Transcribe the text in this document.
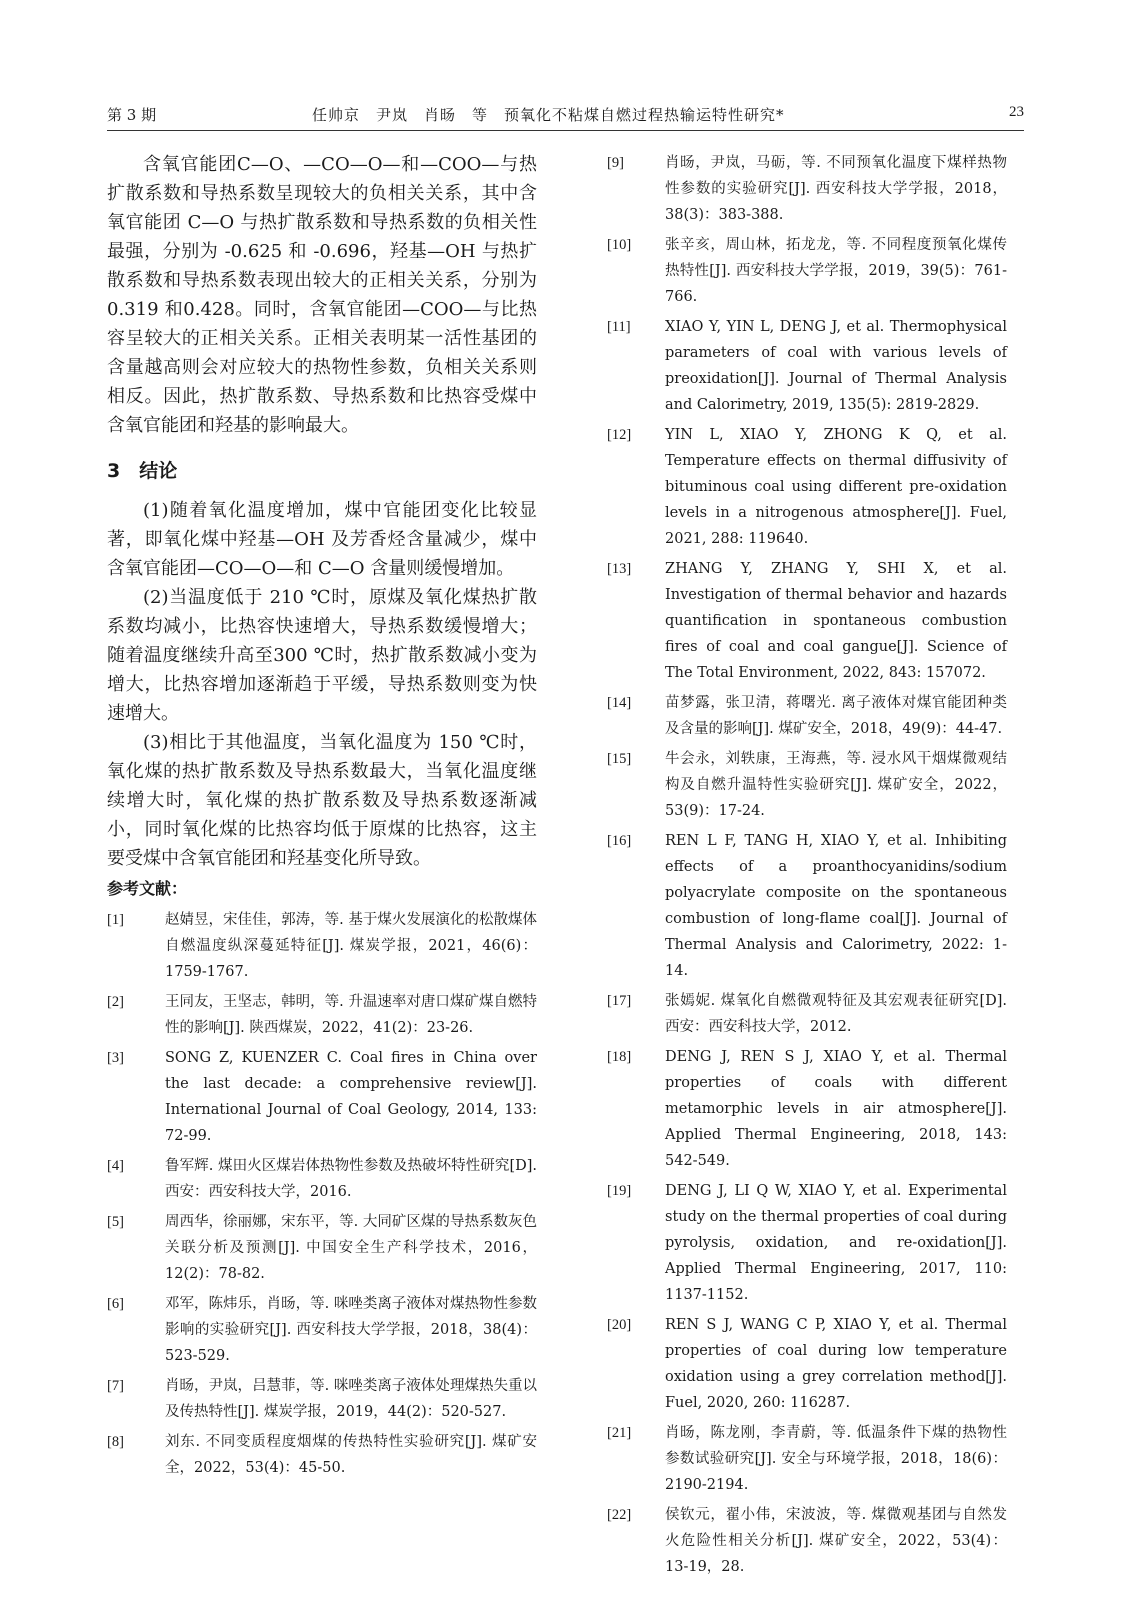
第 3 期	任帅京　尹岚　肖旸　等　预氧化不粘煤自燃过程热输运特性研究*	23

含氧官能团C—O、—CO—O—和—COO—与热扩散系数和导热系数呈现较大的负相关关系，其中含氧官能团 C—O 与热扩散系数和导热系数的负相关性最强，分别为 -0.625 和 -0.696，羟基—OH 与热扩散系数和导热系数表现出较大的正相关关系，分别为0.319 和0.428。同时，含氧官能团—COO—与比热容呈较大的正相关关系。正相关表明某一活性基团的含量越高则会对应较大的热物性参数，负相关关系则相反。因此，热扩散系数、导热系数和比热容受煤中含氧官能团和羟基的影响最大。

3　结论

(1)随着氧化温度增加，煤中官能团变化比较显著，即氧化煤中羟基—OH 及芳香烃含量减少，煤中含氧官能团—CO—O—和 C—O 含量则缓慢增加。

(2)当温度低于 210 ℃时，原煤及氧化煤热扩散系数均减小，比热容快速增大，导热系数缓慢增大；随着温度继续升高至300 ℃时，热扩散系数减小变为增大，比热容增加逐渐趋于平缓，导热系数则变为快速增大。

(3)相比于其他温度，当氧化温度为 150 ℃时，氧化煤的热扩散系数及导热系数最大，当氧化温度继续增大时，氧化煤的热扩散系数及导热系数逐渐减小，同时氧化煤的比热容均低于原煤的比热容，这主要受煤中含氧官能团和羟基变化所导致。

参考文献：
[1]	赵婧昱，宋佳佳，郭涛，等. 基于煤火发展演化的松散煤体自燃温度纵深蔓延特征[J]. 煤炭学报，2021，46(6)：1759-1767.
[2]	王同友，王坚志，韩明，等. 升温速率对唐口煤矿煤自燃特性的影响[J]. 陕西煤炭，2022，41(2)：23-26.
[3]	SONG Z, KUENZER C. Coal fires in China over the last decade: a comprehensive review[J]. International Journal of Coal Geology, 2014, 133: 72-99.
[4]	鲁军辉. 煤田火区煤岩体热物性参数及热破坏特性研究[D]. 西安：西安科技大学，2016.
[5]	周西华，徐丽娜，宋东平，等. 大同矿区煤的导热系数灰色关联分析及预测[J]. 中国安全生产科学技术，2016，12(2)：78-82.
[6]	邓军，陈炜乐，肖旸，等. 咪唑类离子液体对煤热物性参数影响的实验研究[J]. 西安科技大学学报，2018，38(4)：523-529.
[7]	肖旸，尹岚，吕慧菲，等. 咪唑类离子液体处理煤热失重以及传热特性[J]. 煤炭学报，2019，44(2)：520-527.
[8]	刘东. 不同变质程度烟煤的传热特性实验研究[J]. 煤矿安全，2022，53(4)：45-50.
[9]	肖旸，尹岚，马砺，等. 不同预氧化温度下煤样热物性参数的实验研究[J]. 西安科技大学学报，2018，38(3)：383-388.
[10]	张辛亥，周山林，拓龙龙，等. 不同程度预氧化煤传热特性[J]. 西安科技大学学报，2019，39(5)：761-766.
[11]	XIAO Y, YIN L, DENG J, et al. Thermophysical parameters of coal with various levels of preoxidation[J]. Journal of Thermal Analysis and Calorimetry, 2019, 135(5): 2819-2829.
[12]	YIN L, XIAO Y, ZHONG K Q, et al. Temperature effects on thermal diffusivity of bituminous coal using different pre-oxidation levels in a nitrogenous atmosphere[J]. Fuel, 2021, 288: 119640.
[13]	ZHANG Y, ZHANG Y, SHI X, et al. Investigation of thermal behavior and hazards quantification in spontaneous combustion fires of coal and coal gangue[J]. Science of The Total Environment, 2022, 843: 157072.
[14]	苗梦露，张卫清，蒋曙光. 离子液体对煤官能团种类及含量的影响[J]. 煤矿安全，2018，49(9)：44-47.
[15]	牛会永，刘轶康，王海燕，等. 浸水风干烟煤微观结构及自燃升温特性实验研究[J]. 煤矿安全，2022，53(9)：17-24.
[16]	REN L F, TANG H, XIAO Y, et al. Inhibiting effects of a proanthocyanidins/sodium polyacrylate composite on the spontaneous combustion of long-flame coal[J]. Journal of Thermal Analysis and Calorimetry, 2022: 1-14.
[17]	张嫣妮. 煤氧化自燃微观特征及其宏观表征研究[D]. 西安：西安科技大学，2012.
[18]	DENG J, REN S J, XIAO Y, et al. Thermal properties of coals with different metamorphic levels in air atmosphere[J]. Applied Thermal Engineering, 2018, 143: 542-549.
[19]	DENG J, LI Q W, XIAO Y, et al. Experimental study on the thermal properties of coal during pyrolysis, oxidation, and re-oxidation[J]. Applied Thermal Engineering, 2017, 110: 1137-1152.
[20]	REN S J, WANG C P, XIAO Y, et al. Thermal properties of coal during low temperature oxidation using a grey correlation method[J]. Fuel, 2020, 260: 116287.
[21]	肖旸，陈龙刚，李青蔚，等. 低温条件下煤的热物性参数试验研究[J]. 安全与环境学报，2018，18(6)：2190-2194.
[22]	侯钦元，翟小伟，宋波波，等. 煤微观基团与自然发火危险性相关分析[J]. 煤矿安全，2022，53(4)：13-19，28.
